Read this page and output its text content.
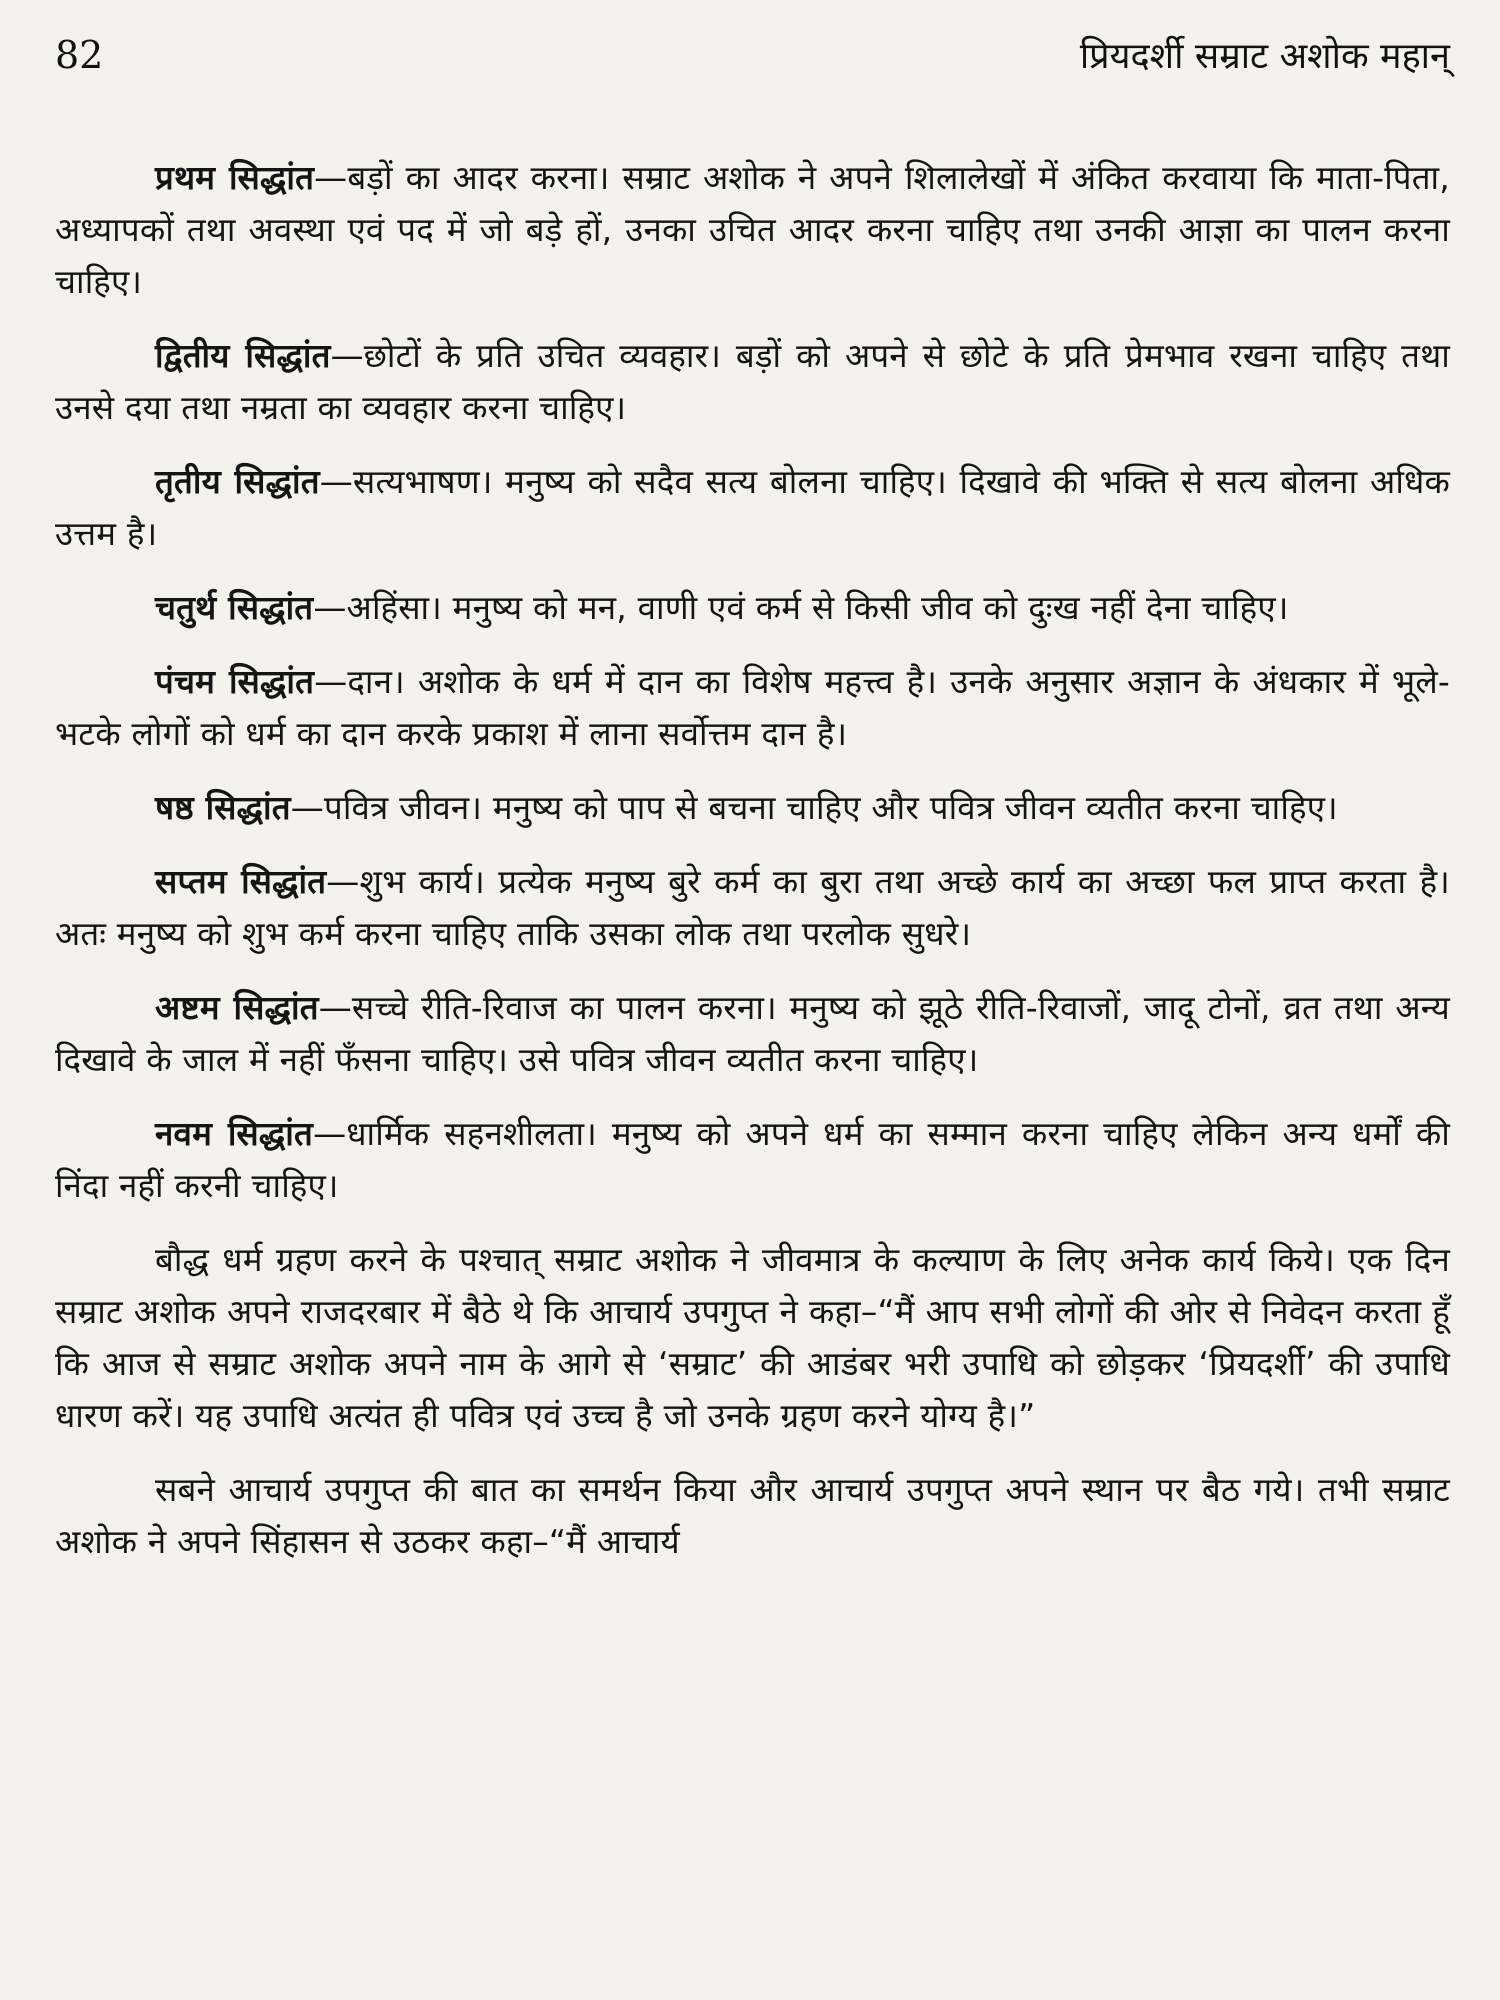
82	प्रियदर्शी सम्राट अशोक महान्

प्रथम सिद्धांत—बड़ों का आदर करना। सम्राट अशोक ने अपने शिलालेखों में अंकित करवाया कि माता-पिता, अध्यापकों तथा अवस्था एवं पद में जो बड़े हों, उनका उचित आदर करना चाहिए तथा उनकी आज्ञा का पालन करना चाहिए।

द्वितीय सिद्धांत—छोटों के प्रति उचित व्यवहार। बड़ों को अपने से छोटे के प्रति प्रेमभाव रखना चाहिए तथा उनसे दया तथा नम्रता का व्यवहार करना चाहिए।

तृतीय सिद्धांत—सत्यभाषण। मनुष्य को सदैव सत्य बोलना चाहिए। दिखावे की भक्ति से सत्य बोलना अधिक उत्तम है।

चतुर्थ सिद्धांत—अहिंसा। मनुष्य को मन, वाणी एवं कर्म से किसी जीव को दुःख नहीं देना चाहिए।

पंचम सिद्धांत—दान। अशोक के धर्म में दान का विशेष महत्त्व है। उनके अनुसार अज्ञान के अंधकार में भूले-भटके लोगों को धर्म का दान करके प्रकाश में लाना सर्वोत्तम दान है।

षष्ठ सिद्धांत—पवित्र जीवन। मनुष्य को पाप से बचना चाहिए और पवित्र जीवन व्यतीत करना चाहिए।

सप्तम सिद्धांत—शुभ कार्य। प्रत्येक मनुष्य बुरे कर्म का बुरा तथा अच्छे कार्य का अच्छा फल प्राप्त करता है। अतः मनुष्य को शुभ कर्म करना चाहिए ताकि उसका लोक तथा परलोक सुधरे।

अष्टम सिद्धांत—सच्चे रीति-रिवाज का पालन करना। मनुष्य को झूठे रीति-रिवाजों, जादू टोनों, व्रत तथा अन्य दिखावे के जाल में नहीं फँसना चाहिए। उसे पवित्र जीवन व्यतीत करना चाहिए।

नवम सिद्धांत—धार्मिक सहनशीलता। मनुष्य को अपने धर्म का सम्मान करना चाहिए लेकिन अन्य धर्मों की निंदा नहीं करनी चाहिए।

बौद्ध धर्म ग्रहण करने के पश्चात् सम्राट अशोक ने जीवमात्र के कल्याण के लिए अनेक कार्य किये। एक दिन सम्राट अशोक अपने राजदरबार में बैठे थे कि आचार्य उपगुप्त ने कहा–“मैं आप सभी लोगों की ओर से निवेदन करता हूँ कि आज से सम्राट अशोक अपने नाम के आगे से ‘सम्राट’ की आडंबर भरी उपाधि को छोड़कर ‘प्रियदर्शी’ की उपाधि धारण करें। यह उपाधि अत्यंत ही पवित्र एवं उच्च है जो उनके ग्रहण करने योग्य है।”

सबने आचार्य उपगुप्त की बात का समर्थन किया और आचार्य उपगुप्त अपने स्थान पर बैठ गये। तभी सम्राट अशोक ने अपने सिंहासन से उठकर कहा–“मैं आचार्य
